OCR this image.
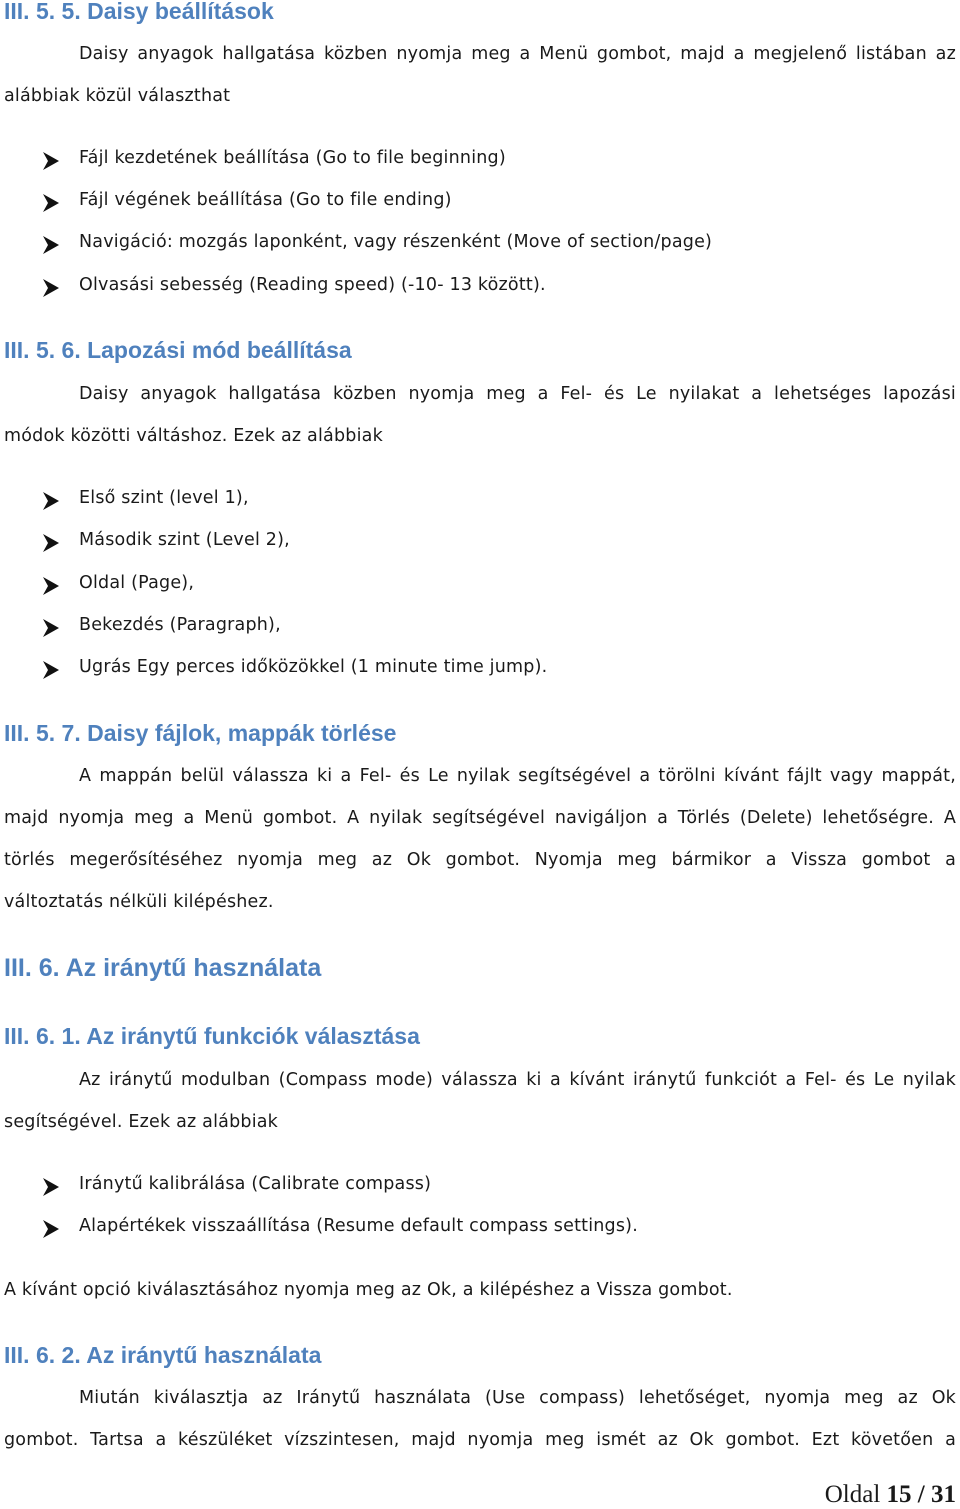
III. 5. 5. Daisy beállítások
Daisy anyagok hallgatása közben nyomja meg a Menü gombot, majd a megjelenő listában az
alábbiak közül választhat
Fájl kezdetének beállítása (Go to file beginning)
Fájl végének beállítása (Go to file ending)
Navigáció: mozgás laponként, vagy részenként (Move of section/page)
Olvasási sebesség (Reading speed) (-10- 13 között).
III. 5. 6. Lapozási mód beállítása
Daisy anyagok hallgatása közben nyomja meg a Fel- és Le nyilakat a lehetséges lapozási
módok közötti váltáshoz. Ezek az alábbiak
Első szint (level 1),
Második szint (Level 2),
Oldal (Page),
Bekezdés (Paragraph),
Ugrás Egy perces időközökkel (1 minute time jump).
III. 5. 7. Daisy fájlok, mappák törlése
A mappán belül válassza ki a Fel- és Le nyilak segítségével a törölni kívánt fájlt vagy mappát,
majd nyomja meg a Menü gombot. A nyilak segítségével navigáljon a Törlés (Delete) lehetőségre. A
törlés megerősítéséhez nyomja meg az Ok gombot. Nyomja meg bármikor a Vissza gombot a
változtatás nélküli kilépéshez.
III. 6. Az iránytű használata
III. 6. 1. Az iránytű funkciók választása
Az iránytű modulban (Compass mode) válassza ki a kívánt iránytű funkciót a Fel- és Le nyilak
segítségével. Ezek az alábbiak
Iránytű kalibrálása (Calibrate compass)
Alapértékek visszaállítása (Resume default compass settings).
A kívánt opció kiválasztásához nyomja meg az Ok, a kilépéshez a Vissza gombot.
III. 6. 2. Az iránytű használata
Miután kiválasztja az Iránytű használata (Use compass) lehetőséget, nyomja meg az Ok
gombot. Tartsa a készüléket vízszintesen, majd nyomja meg ismét az Ok gombot. Ezt követően a
Oldal 15 / 31
